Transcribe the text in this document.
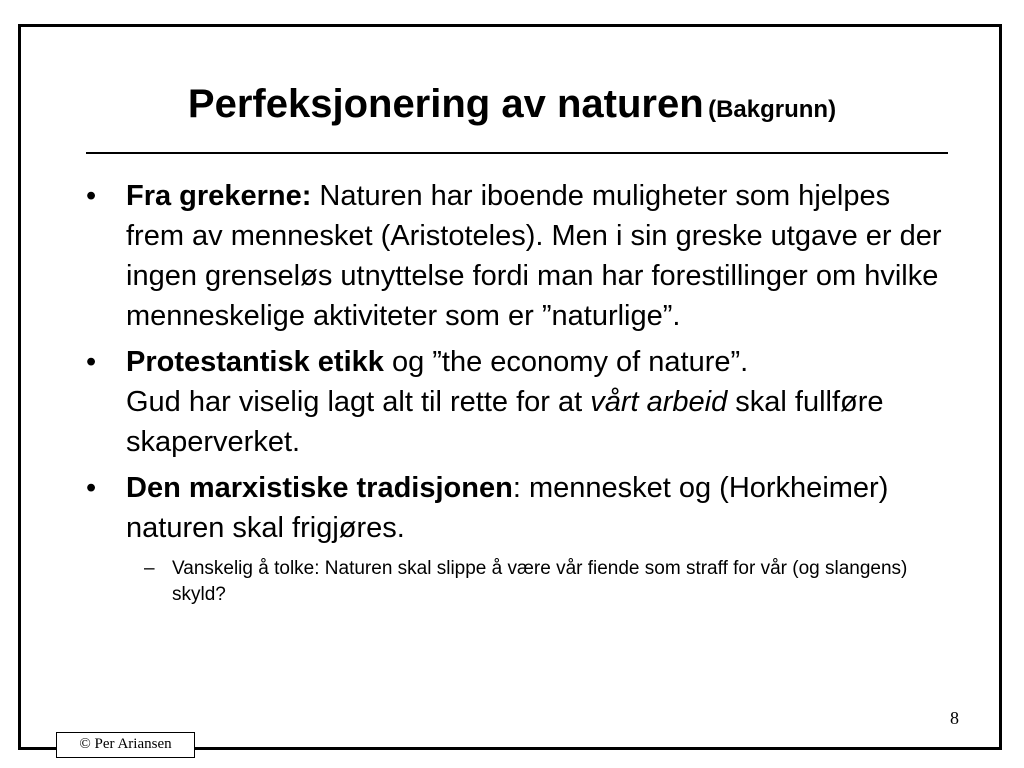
Perfeksjonering av naturen (Bakgrunn)
•	Fra grekerne: Naturen har iboende muligheter som hjelpes frem av mennesket (Aristoteles). Men i sin greske utgave er der ingen grenseløs utnyttelse fordi man har forestillinger om hvilke menneskelige aktiviteter som er ”naturlige”.
•	Protestantisk etikk og ”the economy of nature”.
Gud har viselig lagt alt til rette for at vårt arbeid skal fullføre skaperverket.
•	Den marxistiske tradisjonen: mennesket og (Horkheimer) naturen skal frigjøres.
– Vanskelig å tolke: Naturen skal slippe å være vår fiende som straff for vår (og slangens) skyld?
8
© Per Ariansen
